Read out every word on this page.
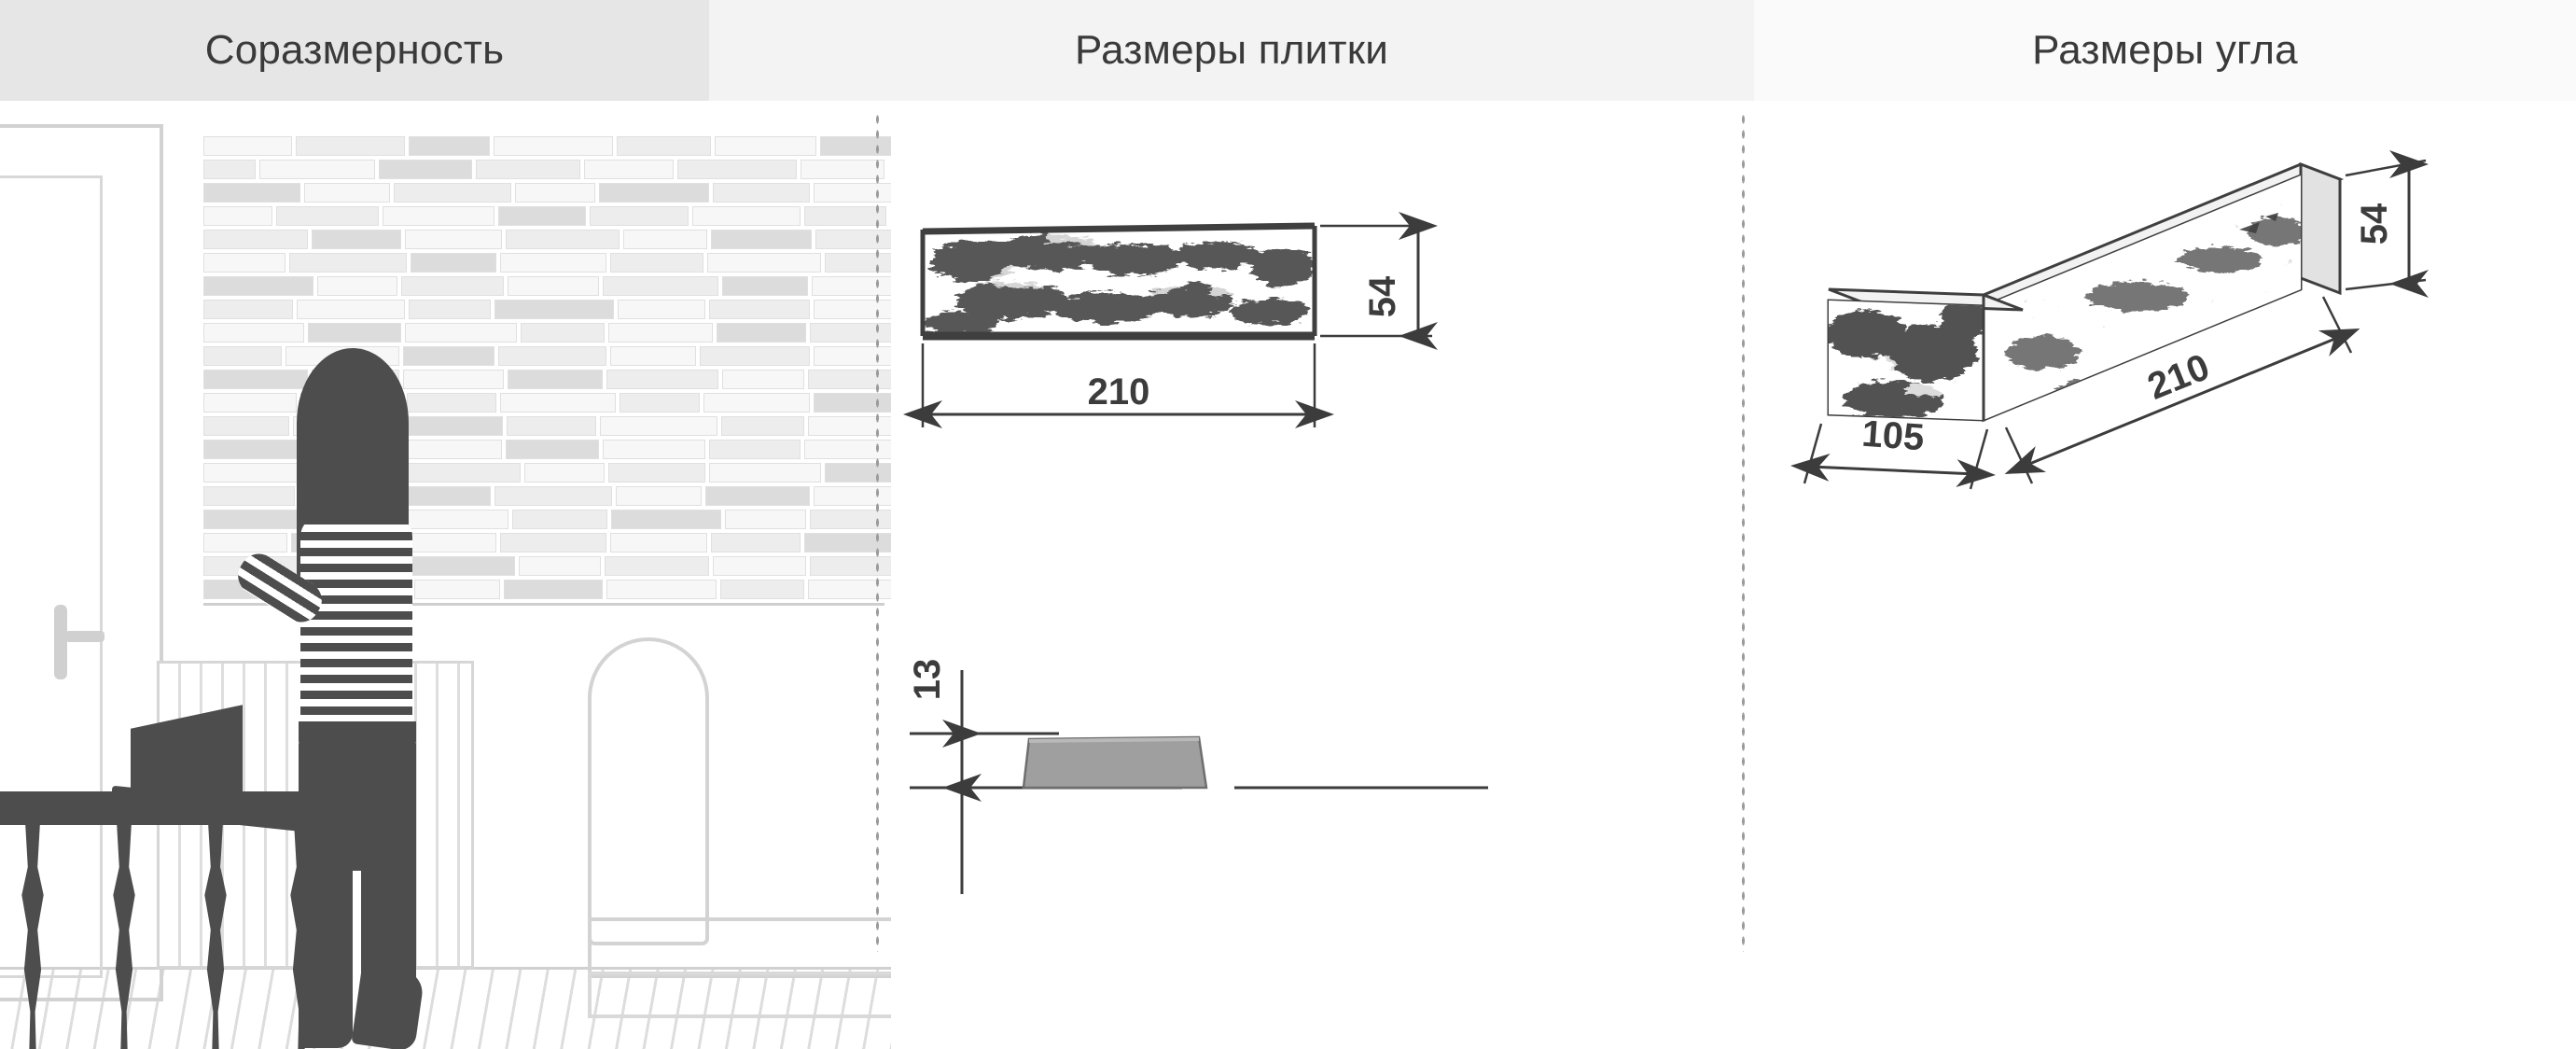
Соразмерность	Размеры плитки	Размеры угла
54
210
13
54
210
105
